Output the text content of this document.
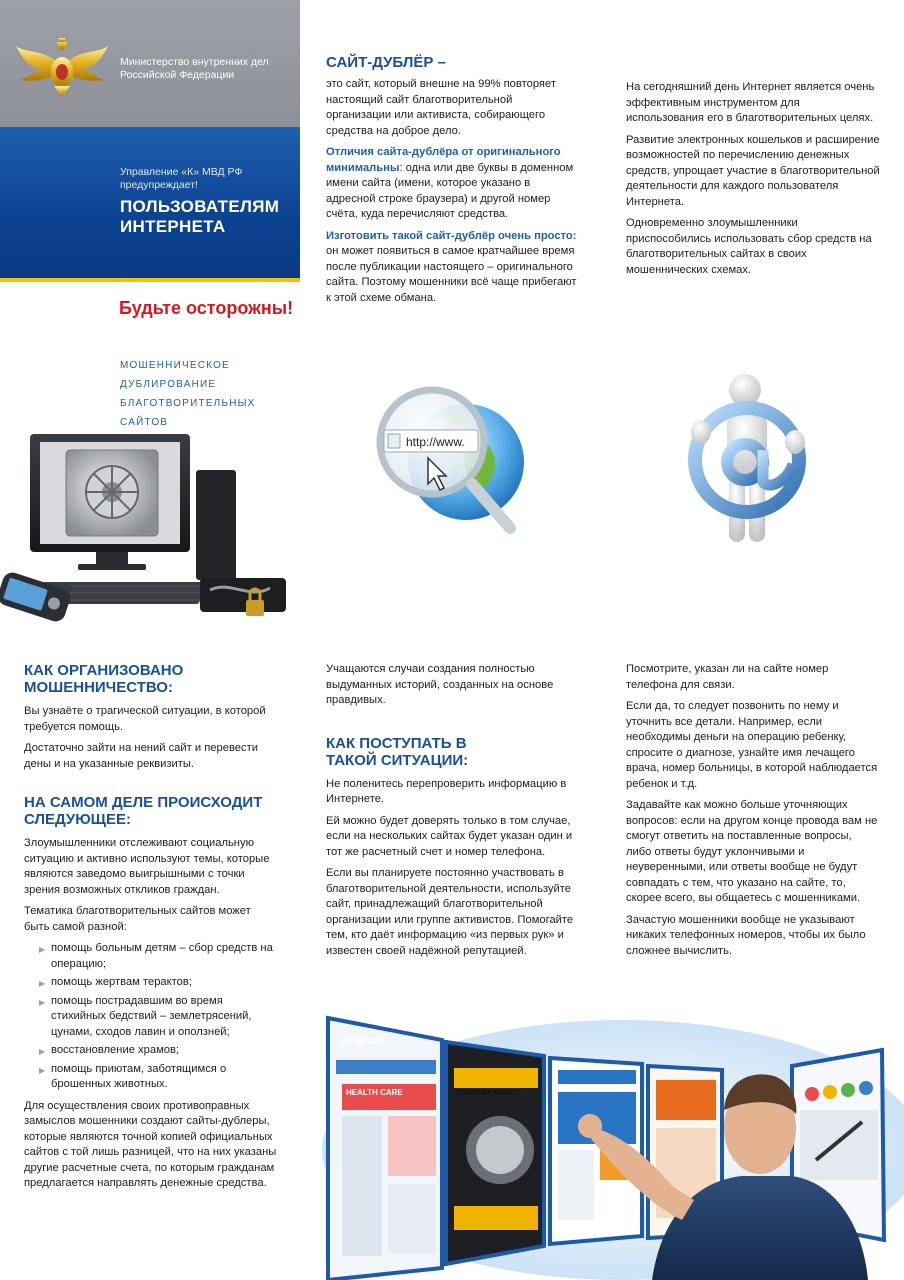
Министерство внутренних дел Российской Федерации
Управление «К» МВД РФ предупреждает!
ПОЛЬЗОВАТЕЛЯМ ИНТЕРНЕТА
Будьте осторожны!
МОШЕННИЧЕСКОЕ
ДУБЛИРОВАНИЕ
БЛАГОТВОРИТЕЛЬНЫХ
САЙТОВ
САЙТ-ДУБЛЁР –

это сайт, который внешне на 99% повторяет настоящий сайт благотворительной организации или активиста, собирающего средства на доброе дело.

Отличия сайта-дублёра от оригинального минимальны: одна или две буквы в доменном имени сайта (имени, которое указано в адресной строке браузера) и другой номер счёта, куда перечисляют средства.

Изготовить такой сайт-дублёр очень просто: он может появиться в самое кратчайшее время после публикации настоящего – оригинального сайта. Поэтому мошенники всё чаще прибегают к этой схеме обмана.

На сегодняшний день Интернет является очень эффективным инструментом для использования его в благотворительных целях.

Развитие электронных кошельков и расширение возможностей по перечислению денежных средств, упрощает участие в благотворительной деятельности для каждого пользователя Интернета.

Одновременно злоумышленники приспособились использовать сбор средств на благотворительных сайтах в своих мошеннических схемах.

http://www.
КАК ОРГАНИЗОВАНО МОШЕННИЧЕСТВО:

Вы узнаёте о трагической ситуации, в которой требуется помощь.

Достаточно зайти на нений сайт и перевести дены и на указанные реквизиты.

НА САМОМ ДЕЛЕ ПРОИСХОДИТ СЛЕДУЮЩЕЕ:

Злоумышленники отслеживают социальную ситуацию и активно используют темы, которые являются заведомо выигрышными с точки зрения возможных откликов граждан.

Тематика благотворительных сайтов может быть самой разной:

▶ помощь больным детям – сбор средств на операцию;
▶ помощь жертвам терактов;
▶ помощь пострадавшим во время стихийных бедствий – землетрясений, цунами, сходов лавин и оползней;
▶ восстановление храмов;
▶ помощь приютам, заботящимся о брошенных животных.

Для осуществления своих противоправных замыслов мошенники создают сайты-дублеры, которые являются точной копией официальных сайтов с той лишь разницей, что на них указаны другие расчетные счета, по которым гражданам предлагается направлять денежные средства.

Учащаются случаи создания полностью выдуманных историй, созданных на основе правдивых.

КАК ПОСТУПАТЬ В ТАКОЙ СИТУАЦИИ:

Не поленитесь перепроверить информацию в Интернете.

Ей можно будет доверять только в том случае, если на нескольких сайтах будет указан один и тот же расчетный счет и номер телефона.

Если вы планируете постоянно участвовать в благотворительной деятельности, используйте сайт, принадлежащий благотворительной организации или группе активистов. Помогайте тем, кто даёт информацию «из первых рук» и известен своей надёжной репутацией.

Посмотрите, указан ли на сайте номер телефона для связи.

Если да, то следует позвонить по нему и уточнить все детали. Например, если необходимы деньги на операцию ребенку, спросите о диагнозе, узнайте имя лечащего врача, номер больницы, в которой наблюдается ребенок и т.д.

Задавайте как можно больше уточняющих вопросов: если на другом конце провода вам не смогут ответить на поставленные вопросы, либо ответы будут уклончивыми и неуверенными, или ответы вообще не будут совпадать с тем, что указано на сайте, то, скорее всего, вы общаетесь с мошенниками.

Зачастую мошенники вообще не указывают никаких телефонных номеров, чтобы их было сложнее вычислить.

COMPANY
HEALTH CARE	COMPANY NAME
